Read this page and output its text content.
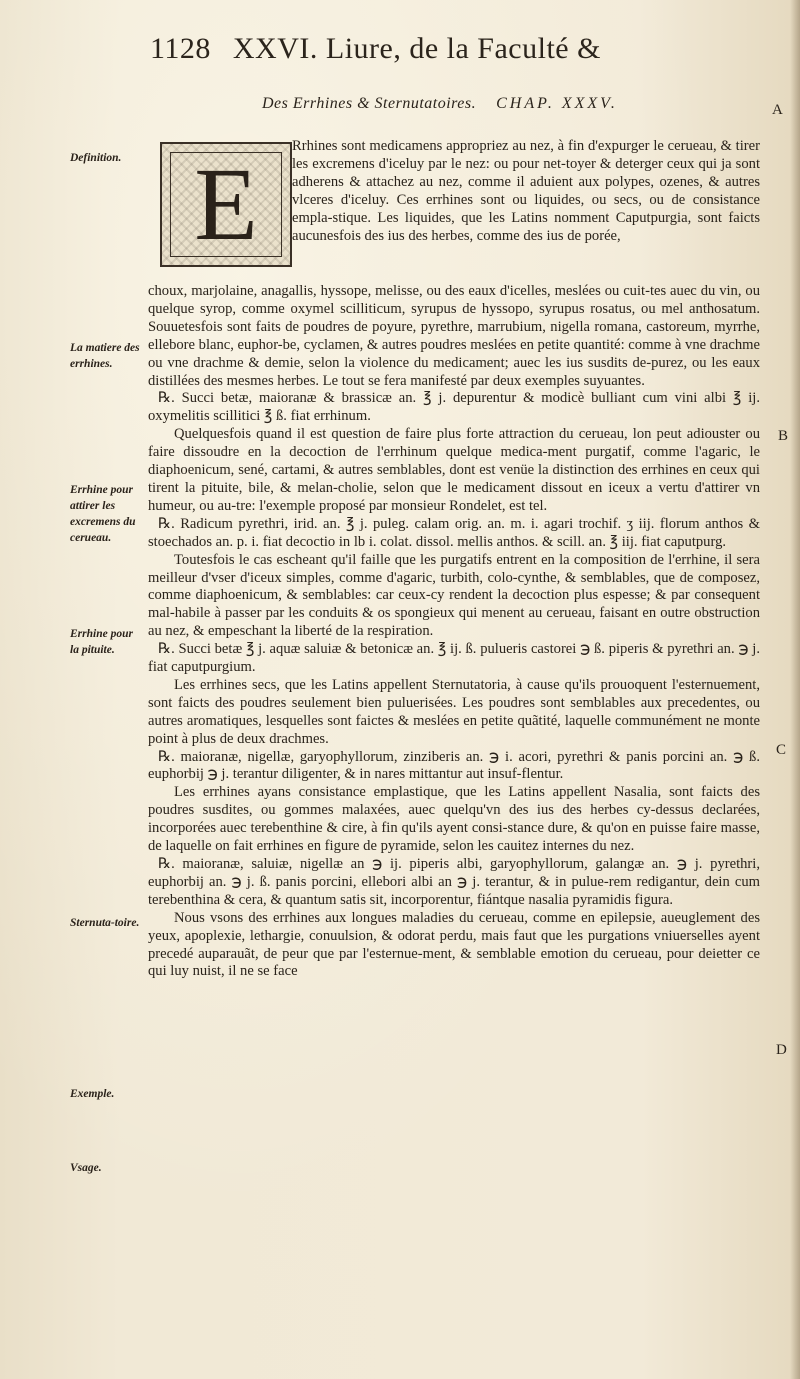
1128 XXVI. Liure, de la Faculté &
Des Errhines & Sternutatoires. CHAP. XXXV.	A
B
C
D
Definition.
La matiere des errhines.
Errhine pour attirer les excremens du cerueau.
Errhine pour la pituite.
Sternuta-toire.
Exemple.
Vsage.
E

Rrhines sont medicamens appropriez au nez, à fin d'expurger le cerueau, & tirer les excremens d'iceluy par le nez: ou pour net-toyer & deterger ceux qui ja sont adherens & attachez au nez, comme il aduient aux polypes, ozenes, & autres vlceres d'iceluy. Ces errhines sont ou liquides, ou secs, ou de consistance empla-stique. Les liquides, que les Latins nomment Caputpurgia, sont faicts aucunesfois des ius des herbes, comme des ius de porée,

choux, marjolaine, anagallis, hyssope, melisse, ou des eaux d'icelles, meslées ou cuit-tes auec du vin, ou quelque syrop, comme oxymel scilliticum, syrupus de hyssopo, syrupus rosatus, ou mel anthosatum. Souuetesfois sont faits de poudres de poyure, pyrethre, marrubium, nigella romana, castoreum, myrrhe, ellebore blanc, euphor-be, cyclamen, & autres poudres meslées en petite quantité: comme à vne drachme ou vne drachme & demie, selon la violence du medicament; auec les ius susdits de-purez, ou les eaux distillées des mesmes herbes. Le tout se fera manifesté par deux exemples suyuantes.

℞. Succi betæ, maioranæ & brassicæ an. ℥ j. depurentur & modicè bulliant cum vini albi ℥ ij. oxymelitis scillitici ℥ ß. fiat errhinum.

Quelquesfois quand il est question de faire plus forte attraction du cerueau, lon peut adiouster ou faire dissoudre en la decoction de l'errhinum quelque medica-ment purgatif, comme l'agaric, le diaphoenicum, sené, cartami, & autres semblables, dont est venüe la distinction des errhines en ceux qui tirent la pituite, bile, & melan-cholie, selon que le medicament dissout en iceux a vertu d'attirer vn humeur, ou au-tre: l'exemple proposé par monsieur Rondelet, est tel.

℞. Radicum pyrethri, irid. an. ℥ j. puleg. calam orig. an. m. i. agari trochif. ʒ iij. florum anthos & stoechados an. p. i. fiat decoctio in lb i. colat. dissol. mellis anthos. & scill. an. ℥ iij. fiat caputpurg.

Toutesfois le cas escheant qu'il faille que les purgatifs entrent en la composition de l'errhine, il sera meilleur d'vser d'iceux simples, comme d'agaric, turbith, colo-cynthe, & semblables, que de composez, comme diaphoenicum, & semblables: car ceux-cy rendent la decoction plus espesse; & par consequent mal-habile à passer par les conduits & os spongieux qui menent au cerueau, faisant en outre obstruction au nez, & empeschant la liberté de la respiration.

℞. Succi betæ ℥ j. aquæ saluiæ & betonicæ an. ℥ ij. ß. pulueris castorei ℈ ß. piperis & pyrethri an. ℈ j. fiat caputpurgium.

Les errhines secs, que les Latins appellent Sternutatoria, à cause qu'ils prouoquent l'esternuement, sont faicts des poudres seulement bien puluerisées. Les poudres sont semblables aux precedentes, ou autres aromatiques, lesquelles sont faictes & meslées en petite quãtité, laquelle communément ne monte point à plus de deux drachmes.

℞. maioranæ, nigellæ, garyophyllorum, zinziberis an. ℈ i. acori, pyrethri & panis porcini an. ℈ ß. euphorbij ℈ j. terantur diligenter, & in nares mittantur aut insuf-flentur.

Les errhines ayans consistance emplastique, que les Latins appellent Nasalia, sont faicts des poudres susdites, ou gommes malaxées, auec quelqu'vn des ius des herbes cy-dessus declarées, incorporées auec terebenthine & cire, à fin qu'ils ayent consi-stance dure, & qu'on en puisse faire masse, de laquelle on fait errhines en figure de pyramide, selon les cauitez internes du nez.

℞. maioranæ, saluiæ, nigellæ an ℈ ij. piperis albi, garyophyllorum, galangæ an. ℈ j. pyrethri, euphorbij an. ℈ j. ß. panis porcini, ellebori albi an ℈ j. terantur, & in pulue-rem redigantur, dein cum terebenthina & cera, & quantum satis sit, incorporentur, fiántque nasalia pyramidis figura.

Nous vsons des errhines aux longues maladies du cerueau, comme en epilepsie, aueuglement des yeux, apoplexie, lethargie, conuulsion, & odorat perdu, mais faut que les purgations vniuerselles ayent precedé auparauãt, de peur que par l'esternue-ment, & semblable emotion du cerueau, pour deietter ce qui luy nuist, il ne se face
